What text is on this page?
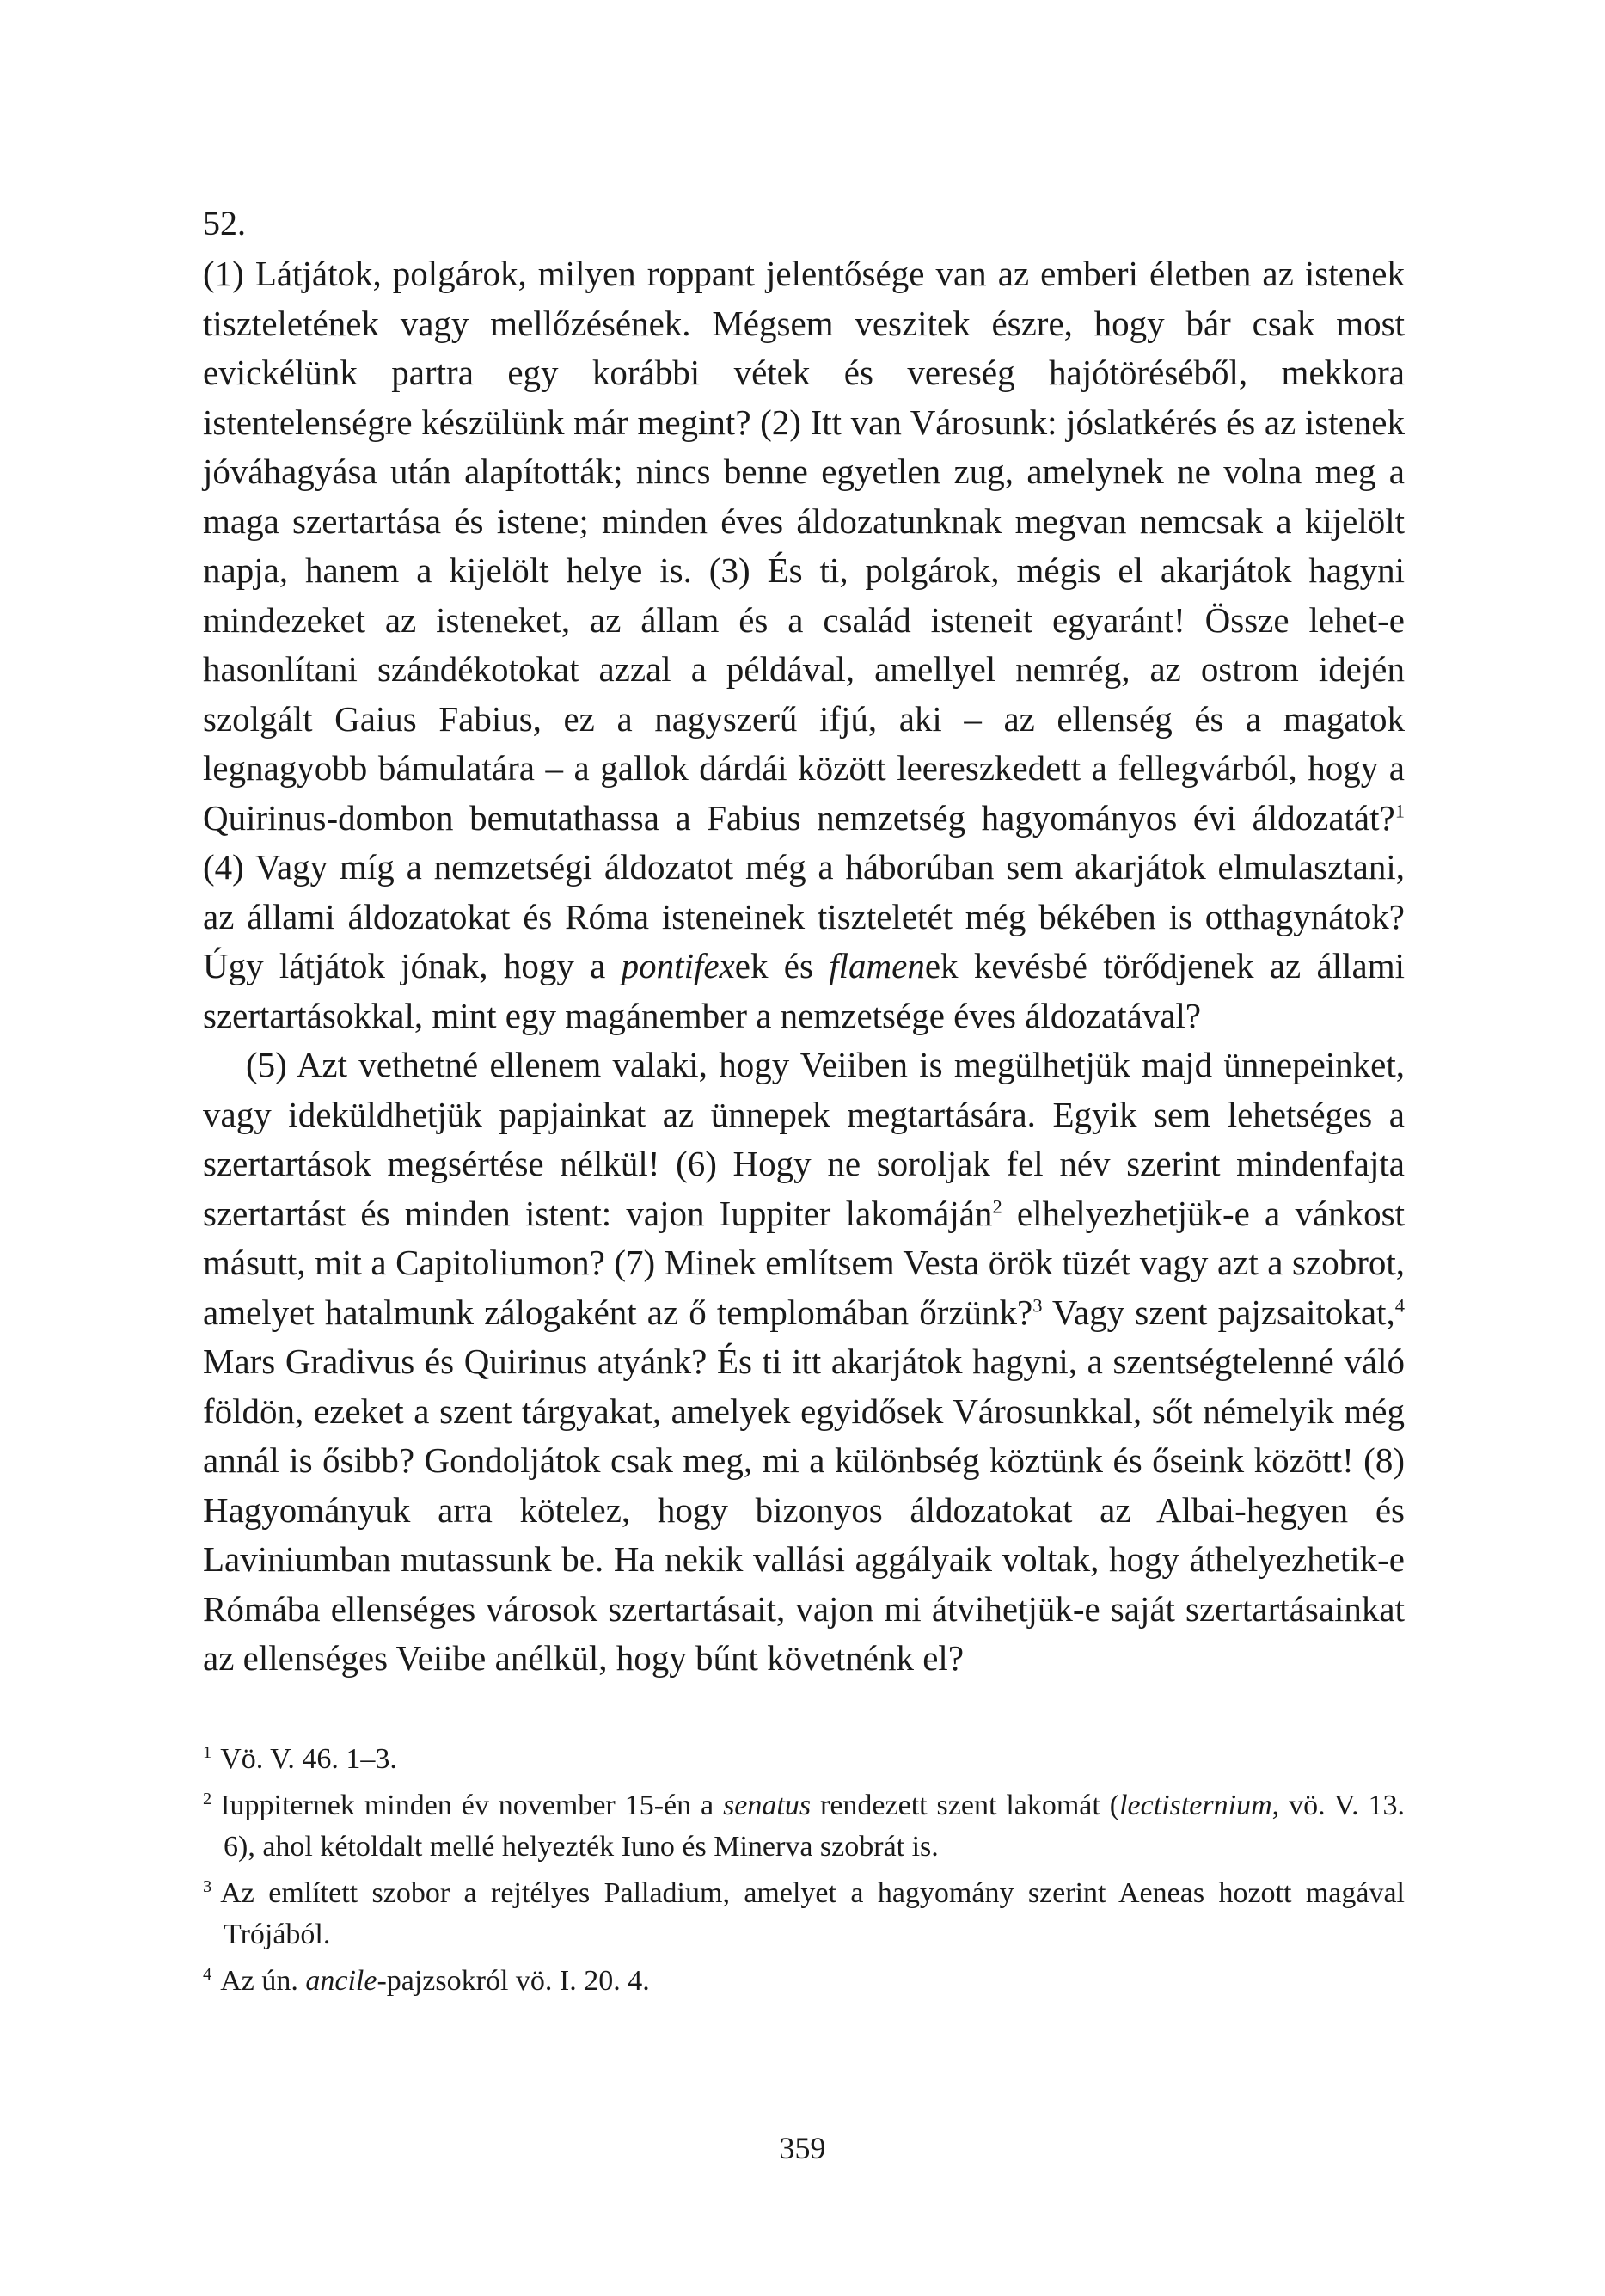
52.

(1) Látjátok, polgárok, milyen roppant jelentősége van az emberi életben az istenek tiszteletének vagy mellőzésének. Mégsem veszitek észre, hogy bár csak most evickélünk partra egy korábbi vétek és vereség hajótöréséből, mekkora istentelenségre készülünk már megint? (2) Itt van Városunk: jóslatkérés és az istenek jóváhagyása után alapították; nincs benne egyetlen zug, amelynek ne volna meg a maga szertartása és istene; minden éves áldozatunknak megvan nemcsak a kijelölt napja, hanem a kijelölt helye is. (3) És ti, polgárok, mégis el akarjátok hagyni mindezeket az isteneket, az állam és a család isteneit egyaránt! Össze lehet-e hasonlítani szándékotokat azzal a példával, amellyel nemrég, az ostrom idején szolgált Gaius Fabius, ez a nagyszerű ifjú, aki – az ellenség és a magatok legnagyobb bámulatára – a gallok dárdái között leereszkedett a fellegvárból, hogy a Quirinus-dombon bemutathassa a Fabius nemzetség hagyományos évi áldozatát?$^1$ (4) Vagy míg a nemzetségi áldozatot még a háborúban sem akarjátok elmulasztani, az állami áldozatokat és Róma isteneinek tiszteletét még békében is otthagynátok? Úgy látjátok jónak, hogy a pontifexek és flamenek kevésbé törődjenek az állami szertartásokkal, mint egy magánember a nemzetsége éves áldozatával?

(5) Azt vethetné ellenem valaki, hogy Veiiben is megülhetjük majd ünnepeinket, vagy ideküldhetjük papjainkat az ünnepek megtartására. Egyik sem lehetséges a szertartások megsértése nélkül! (6) Hogy ne soroljak fel név szerint mindenfajta szertartást és minden istent: vajon Iuppiter lakomáján$^2$ elhelyezhetjük-e a vánkost másutt, mit a Capitoliumon? (7) Minek említsem Vesta örök tüzét vagy azt a szobrot, amelyet hatalmunk zálogaként az ő templomában őrzünk?$^3$ Vagy szent pajzsaitokat,$^4$ Mars Gradivus és Quirinus atyánk? És ti itt akarjátok hagyni, a szentségtelenné váló földön, ezeket a szent tárgyakat, amelyek egyidősek Városunkkal, sőt némelyik még annál is ősibb? Gondoljátok csak meg, mi a különbség köztünk és őseink között! (8) Hagyományuk arra kötelez, hogy bizonyos áldozatokat az Albai-hegyen és Laviniumban mutassunk be. Ha nekik vallási aggályaik voltak, hogy áthelyezhetik-e Rómába ellenséges városok szertartásait, vajon mi átvihetjük-e saját szertartásainkat az ellenséges Veiibe anélkül, hogy bűnt követnénk el?

$^1$ Vö. V. 46. 1–3.

$^2$ Iuppiternek minden év november 15-én a senatus rendezett szent lakomát (lectisternium, vö. V. 13. 6), ahol kétoldalt mellé helyezték Iuno és Minerva szobrát is.

$^3$ Az említett szobor a rejtélyes Palladium, amelyet a hagyomány szerint Aeneas hozott magával Trójából.

$^4$ Az ún. ancile-pajzsokról vö. I. 20. 4.

359
